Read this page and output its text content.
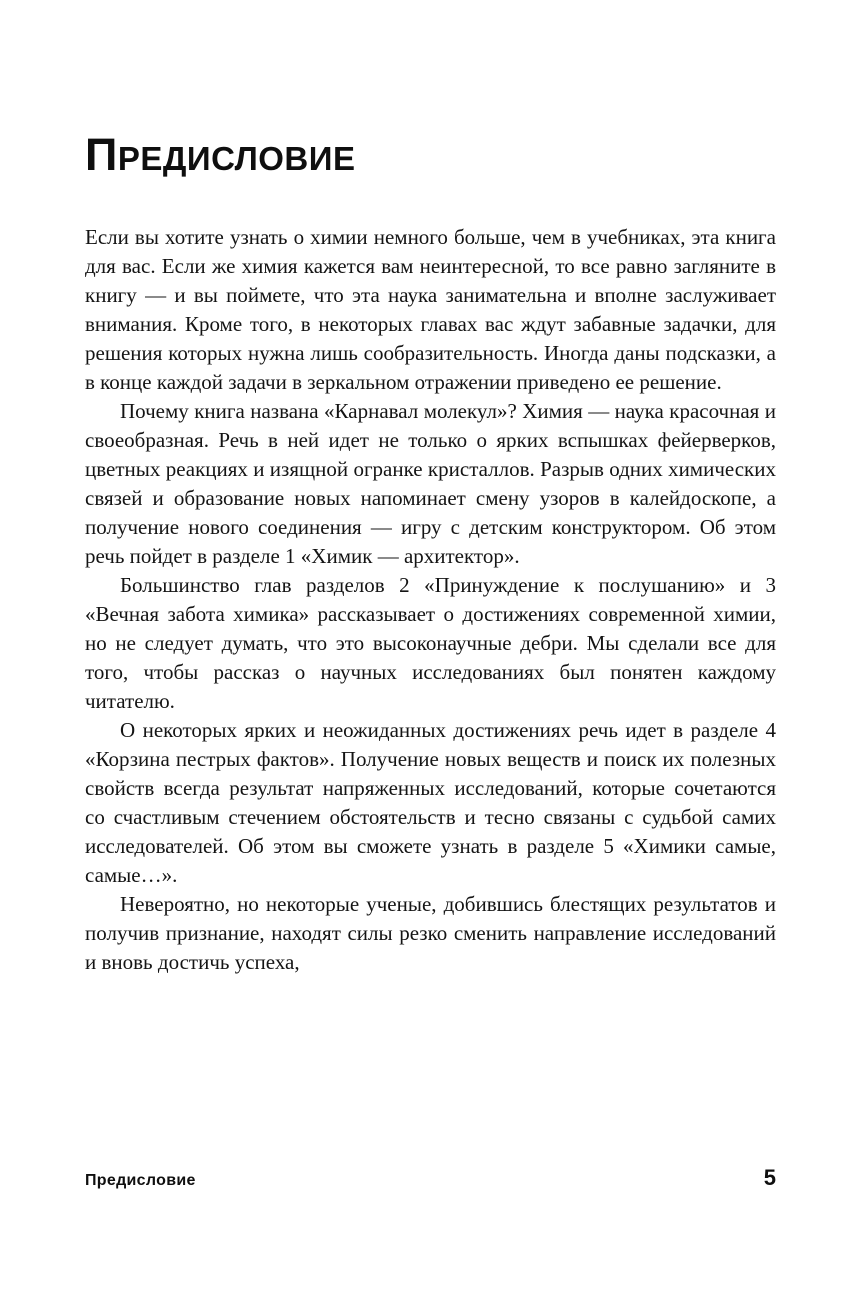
ПРЕДИСЛОВИЕ

Если вы хотите узнать о химии немного больше, чем в учебниках, эта книга для вас. Если же химия кажется вам неинтересной, то все равно загляните в книгу — и вы поймете, что эта наука занимательна и вполне заслуживает внимания. Кроме того, в некоторых главах вас ждут забавные задачки, для решения которых нужна лишь сообразительность. Иногда даны подсказки, а в конце каждой задачи в зеркальном отражении приведено ее решение.

Почему книга названа «Карнавал молекул»? Химия — наука красочная и своеобразная. Речь в ней идет не только о ярких вспышках фейерверков, цветных реакциях и изящной огранке кристаллов. Разрыв одних химических связей и образование новых напоминает смену узоров в калейдоскопе, а получение нового соединения — игру с детским конструктором. Об этом речь пойдет в разделе 1 «Химик — архитектор».

Большинство глав разделов 2 «Принуждение к послушанию» и 3 «Вечная забота химика» рассказывает о достижениях современной химии, но не следует думать, что это высоконаучные дебри. Мы сделали все для того, чтобы рассказ о научных исследованиях был понятен каждому читателю.

О некоторых ярких и неожиданных достижениях речь идет в разделе 4 «Корзина пестрых фактов». Получение новых веществ и поиск их полезных свойств всегда результат напряженных исследований, которые сочетаются со счастливым стечением обстоятельств и тесно связаны с судьбой самих исследователей. Об этом вы сможете узнать в разделе 5 «Химики самые, самые…».

Невероятно, но некоторые ученые, добившись блестящих результатов и получив признание, находят силы резко сменить направление исследований и вновь достичь успеха,

Предисловие	5
